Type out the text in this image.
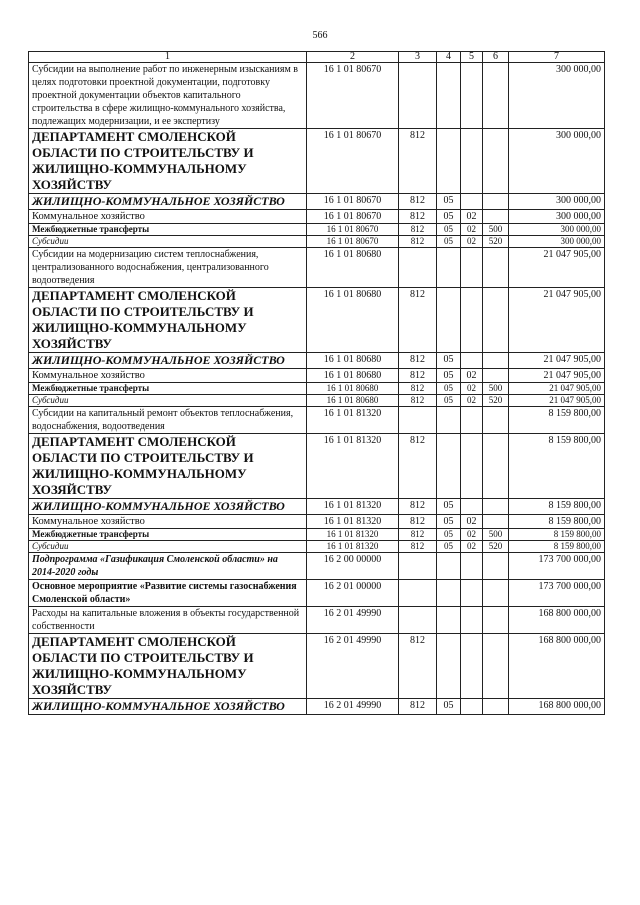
566
1	2	3	4	5	6	7
Субсидии на выполнение работ по инженерным изысканиям в целях подготовки проектной документации, подготовку проектной документации объектов капитального строительства в сфере жилищно-коммунального хозяйства, подлежащих модернизации, и ее экспертизу	16 1 01 80670					300 000,00
ДЕПАРТАМЕНТ СМОЛЕНСКОЙ ОБЛАСТИ ПО СТРОИТЕЛЬСТВУ И ЖИЛИЩНО-КОММУНАЛЬНОМУ ХОЗЯЙСТВУ	16 1 01 80670	812				300 000,00
ЖИЛИЩНО-КОММУНАЛЬНОЕ ХОЗЯЙСТВО	16 1 01 80670	812	05			300 000,00
Коммунальное хозяйство	16 1 01 80670	812	05	02		300 000,00
Межбюджетные трансферты	16 1 01 80670	812	05	02	500	300 000,00
Субсидии	16 1 01 80670	812	05	02	520	300 000,00
Субсидии на модернизацию систем теплоснабжения, централизованного водоснабжения, централизованного водоотведения	16 1 01 80680					21 047 905,00
ДЕПАРТАМЕНТ СМОЛЕНСКОЙ ОБЛАСТИ ПО СТРОИТЕЛЬСТВУ И ЖИЛИЩНО-КОММУНАЛЬНОМУ ХОЗЯЙСТВУ	16 1 01 80680	812				21 047 905,00
ЖИЛИЩНО-КОММУНАЛЬНОЕ ХОЗЯЙСТВО	16 1 01 80680	812	05			21 047 905,00
Коммунальное хозяйство	16 1 01 80680	812	05	02		21 047 905,00
Межбюджетные трансферты	16 1 01 80680	812	05	02	500	21 047 905,00
Субсидии	16 1 01 80680	812	05	02	520	21 047 905,00
Субсидии на капитальный ремонт объектов теплоснабжения, водоснабжения, водоотведения	16 1 01 81320					8 159 800,00
ДЕПАРТАМЕНТ СМОЛЕНСКОЙ ОБЛАСТИ ПО СТРОИТЕЛЬСТВУ И ЖИЛИЩНО-КОММУНАЛЬНОМУ ХОЗЯЙСТВУ	16 1 01 81320	812				8 159 800,00
ЖИЛИЩНО-КОММУНАЛЬНОЕ ХОЗЯЙСТВО	16 1 01 81320	812	05			8 159 800,00
Коммунальное хозяйство	16 1 01 81320	812	05	02		8 159 800,00
Межбюджетные трансферты	16 1 01 81320	812	05	02	500	8 159 800,00
Субсидии	16 1 01 81320	812	05	02	520	8 159 800,00
Подпрограмма «Газификация Смоленской области» на 2014-2020 годы	16 2 00 00000					173 700 000,00
Основное мероприятие «Развитие системы газоснабжения Смоленской области»	16 2 01 00000					173 700 000,00
Расходы на капитальные вложения в объекты государственной собственности	16 2 01 49990					168 800 000,00
ДЕПАРТАМЕНТ СМОЛЕНСКОЙ ОБЛАСТИ ПО СТРОИТЕЛЬСТВУ И ЖИЛИЩНО-КОММУНАЛЬНОМУ ХОЗЯЙСТВУ	16 2 01 49990	812				168 800 000,00
ЖИЛИЩНО-КОММУНАЛЬНОЕ ХОЗЯЙСТВО	16 2 01 49990	812	05			168 800 000,00
